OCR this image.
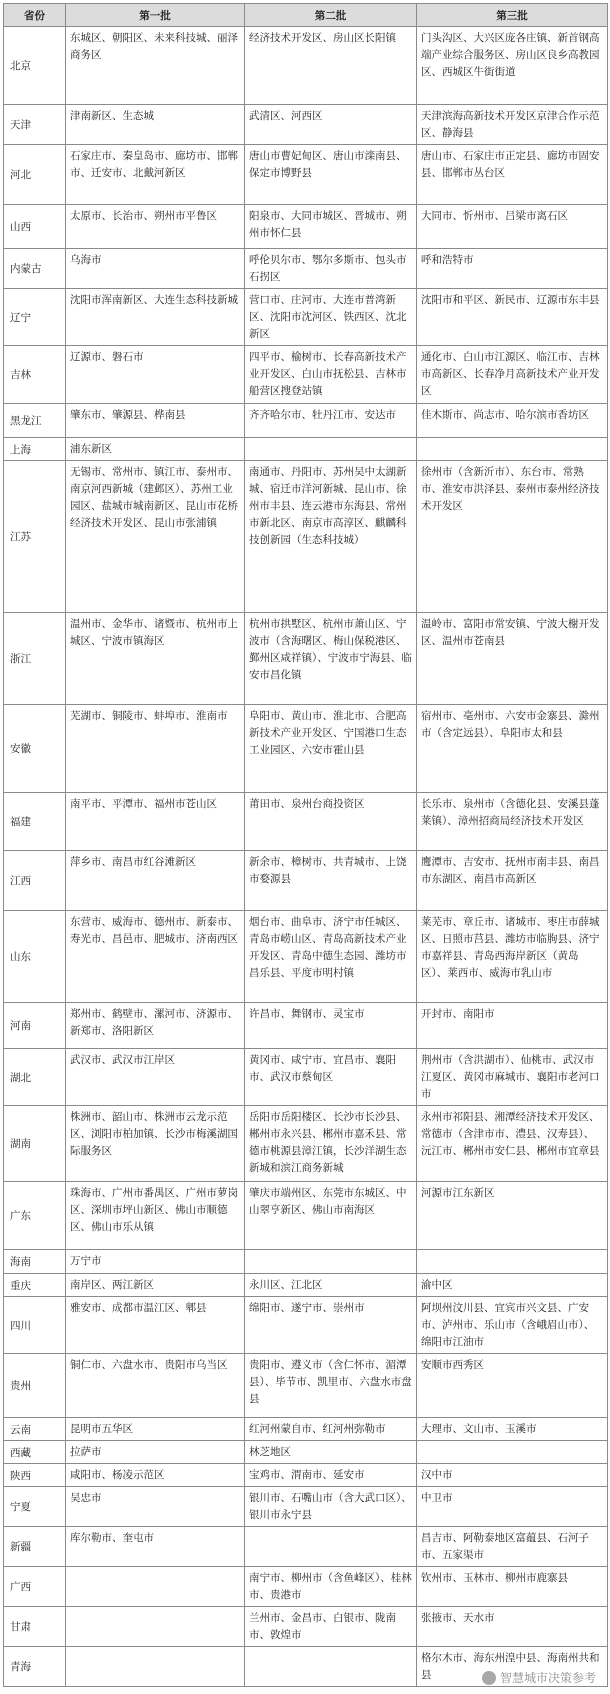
省份	第一批	第二批	第三批
北京	东城区、朝阳区、未来科技城、丽泽商务区	经济技术开发区、房山区长阳镇	门头沟区、大兴区庞各庄镇、新首钢高端产业综合服务区、房山区良乡高教园区、西城区牛街街道
天津	津南新区、生态城	武清区、河西区	天津滨海高新技术开发区京津合作示范区、静海县
河北	石家庄市、秦皇岛市、廊坊市、邯郸市、迁安市、北戴河新区	唐山市曹妃甸区、唐山市滦南县、保定市博野县	唐山市、石家庄市正定县、廊坊市固安县、邯郸市丛台区
山西	太原市、长治市、朔州市平鲁区	阳泉市、大同市城区、晋城市、朔州市怀仁县	大同市、忻州市、吕梁市离石区
内蒙古	乌海市	呼伦贝尔市、鄂尔多斯市、包头市石拐区	呼和浩特市
辽宁	沈阳市浑南新区、大连生态科技新城	营口市、庄河市、大连市普湾新区、沈阳市沈河区、铁西区、沈北新区	沈阳市和平区、新民市、辽源市东丰县
吉林	辽源市、磐石市	四平市、榆树市、长春高新技术产业开发区、白山市抚松县、吉林市船营区搜登站镇	通化市、白山市江源区、临江市、吉林市高新区、长春净月高新技术产业开发区
黑龙江	肇东市、肇源县、桦南县	齐齐哈尔市、牡丹江市、安达市	佳木斯市、尚志市、哈尔滨市香坊区
上海	浦东新区		
江苏	无锡市、常州市、镇江市、泰州市、南京河西新城（建邺区）、苏州工业园区、盐城市城南新区、昆山市花桥经济技术开发区、昆山市张浦镇	南通市、丹阳市、苏州吴中太湖新城、宿迁市洋河新城、昆山市、徐州市丰县、连云港市东海县、常州市新北区、南京市高淳区、麒麟科技创新园（生态科技城）	徐州市（含新沂市）、东台市、常熟市、淮安市洪泽县、泰州市泰州经济技术开发区
浙江	温州市、金华市、诸暨市、杭州市上城区、宁波市镇海区	杭州市拱墅区、杭州市萧山区、宁波市（含海曙区、梅山保税港区、鄞州区咸祥镇）、宁波市宁海县、临安市昌化镇	温岭市、富阳市常安镇、宁波大榭开发区、温州市苍南县
安徽	芜湖市、铜陵市、蚌埠市、淮南市	阜阳市、黄山市、淮北市、合肥高新技术产业开发区、宁国港口生态工业园区、六安市霍山县	宿州市、亳州市、六安市金寨县、滁州市（含定远县）、阜阳市太和县
福建	南平市、平潭市、福州市苍山区	莆田市、泉州台商投资区	长乐市、泉州市（含德化县、安溪县蓬莱镇）、漳州招商局经济技术开发区
江西	萍乡市、南昌市红谷滩新区	新余市、樟树市、共青城市、上饶市婺源县	鹰潭市、吉安市、抚州市南丰县、南昌市东湖区、南昌市高新区
山东	东营市、威海市、德州市、新泰市、寿光市、昌邑市、肥城市、济南西区	烟台市、曲阜市、济宁市任城区、青岛市崂山区、青岛高新技术产业开发区、青岛中德生态园、潍坊市昌乐县、平度市明村镇	莱芜市、章丘市、诸城市、枣庄市薛城区、日照市莒县、潍坊市临朐县、济宁市嘉祥县、青岛西海岸新区（黄岛区）、莱西市、威海市乳山市
河南	郑州市、鹤壁市、漯河市、济源市、新郑市、洛阳新区	许昌市、舞钢市、灵宝市	开封市、南阳市
湖北	武汉市、武汉市江岸区	黄冈市、咸宁市、宜昌市、襄阳市、武汉市蔡甸区	荆州市（含洪湖市）、仙桃市、武汉市江夏区、黄冈市麻城市、襄阳市老河口市
湖南	株洲市、韶山市、株洲市云龙示范区、浏阳市柏加镇、长沙市梅溪湖国际服务区	岳阳市岳阳楼区、长沙市长沙县、郴州市永兴县、郴州市嘉禾县、常德市桃源县漳江镇，长沙洋湖生态新城和滨江商务新城	永州市祁阳县、湘潭经济技术开发区、常德市（含津市市、澧县、汉寿县）、沅江市、郴州市安仁县、郴州市宜章县
广东	珠海市、广州市番禺区、广州市萝岗区、深圳市坪山新区、佛山市顺德区、佛山市乐从镇	肇庆市端州区、东莞市东城区、中山翠亨新区、佛山市南海区	河源市江东新区
海南	万宁市		
重庆	南岸区、两江新区	永川区、江北区	渝中区
四川	雅安市、成都市温江区、郫县	绵阳市、遂宁市、崇州市	阿坝州汶川县、宜宾市兴文县、广安市、泸州市、乐山市（含峨眉山市）、绵阳市江油市
贵州	铜仁市、六盘水市、贵阳市乌当区	贵阳市、遵义市（含仁怀市、湄潭县）、毕节市、凯里市、六盘水市盘县	安顺市西秀区
云南	昆明市五华区	红河州蒙自市、红河州弥勒市	大理市、文山市、玉溪市
西藏	拉萨市	林芝地区	
陕西	咸阳市、杨凌示范区	宝鸡市、渭南市、延安市	汉中市
宁夏	吴忠市	银川市、石嘴山市（含大武口区）、银川市永宁县	中卫市
新疆	库尔勒市、奎屯市		昌吉市、阿勒泰地区富蕴县、石河子市、五家渠市
广西		南宁市、柳州市（含鱼峰区）、桂林市、贵港市	钦州市、玉林市、柳州市鹿寨县
甘肃		兰州市、金昌市、白银市、陇南市、敦煌市	张掖市、天水市
青海			格尔木市、海东州湟中县、海南州共和县	智慧城市决策参考
